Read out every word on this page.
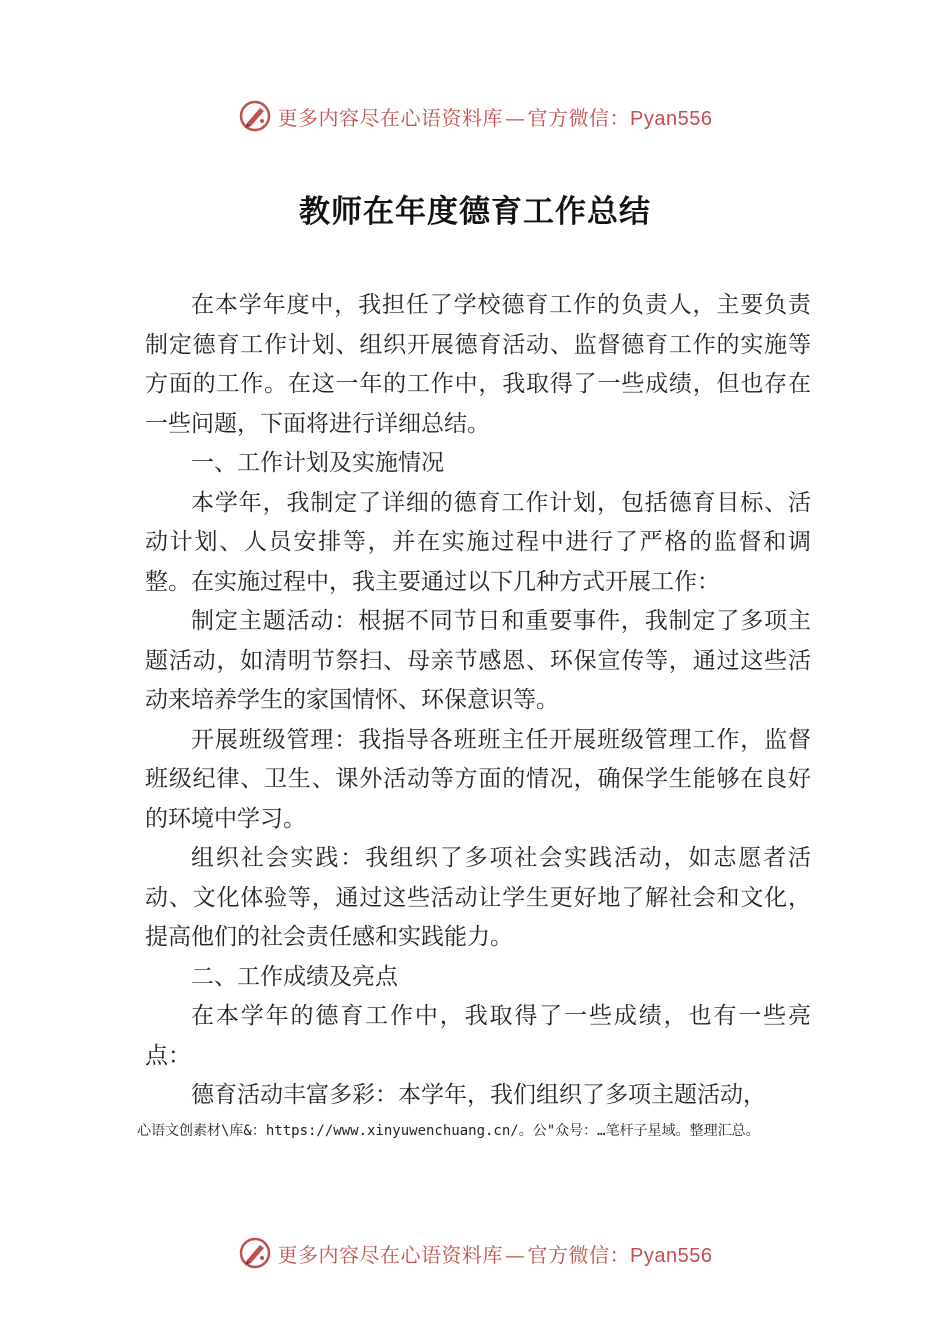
更多内容尽在心语资料库 — 官方微信：Pyan556
教师在年度德育工作总结

在本学年度中，我担任了学校德育工作的负责人，主要负责制定德育工作计划、组织开展德育活动、监督德育工作的实施等方面的工作。在这一年的工作中，我取得了一些成绩，但也存在一些问题，下面将进行详细总结。

一、工作计划及实施情况

本学年，我制定了详细的德育工作计划，包括德育目标、活动计划、人员安排等，并在实施过程中进行了严格的监督和调整。在实施过程中，我主要通过以下几种方式开展工作：

制定主题活动：根据不同节日和重要事件，我制定了多项主题活动，如清明节祭扫、母亲节感恩、环保宣传等，通过这些活动来培养学生的家国情怀、环保意识等。

开展班级管理：我指导各班班主任开展班级管理工作，监督班级纪律、卫生、课外活动等方面的情况，确保学生能够在良好的环境中学习。

组织社会实践：我组织了多项社会实践活动，如志愿者活动、文化体验等，通过这些活动让学生更好地了解社会和文化，提高他们的社会责任感和实践能力。

二、工作成绩及亮点

在本学年的德育工作中，我取得了一些成绩，也有一些亮点：

德育活动丰富多彩：本学年，我们组织了多项主题活动，

心语文创素材\库&：https://www.xinyuwenchuang.cn/。公"众号：…笔杆子星域。整理汇总。
更多内容尽在心语资料库 — 官方微信：Pyan556
